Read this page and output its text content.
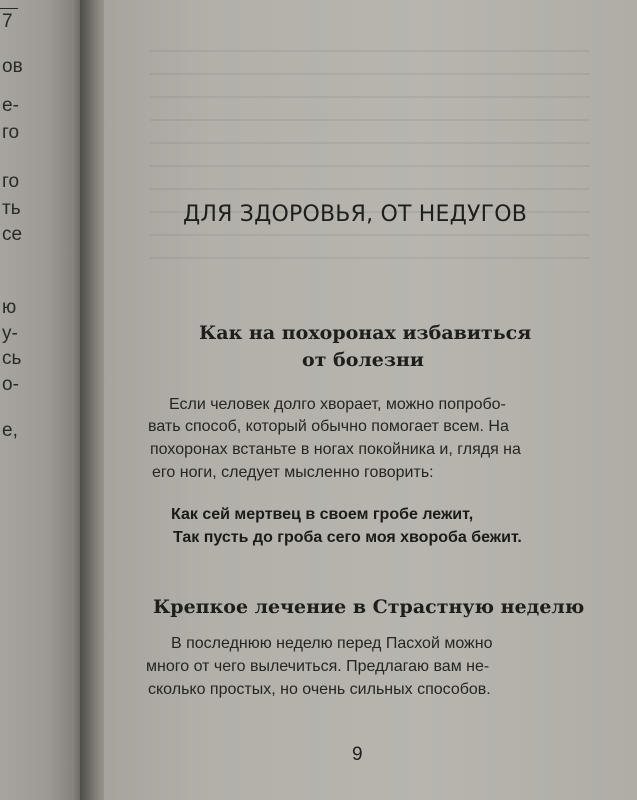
7
ов
е-
го
го
ть
се
ю
у-
сь
о-
е,
ДЛЯ ЗДОРОВЬЯ, ОТ НЕДУГОВ
Как на похоронах избавиться
от болезни
Если человек долго хворает, можно попробо-
вать способ, который обычно помогает всем. На
похоронах встаньте в ногах покойника и, глядя на
его ноги, следует мысленно говорить:
Как сей мертвец в своем гробе лежит,
Так пусть до гроба сего моя хвороба бежит.
Крепкое лечение в Страстную неделю
В последнюю неделю перед Пасхой можно
много от чего вылечиться. Предлагаю вам не-
сколько простых, но очень сильных способов.
9
